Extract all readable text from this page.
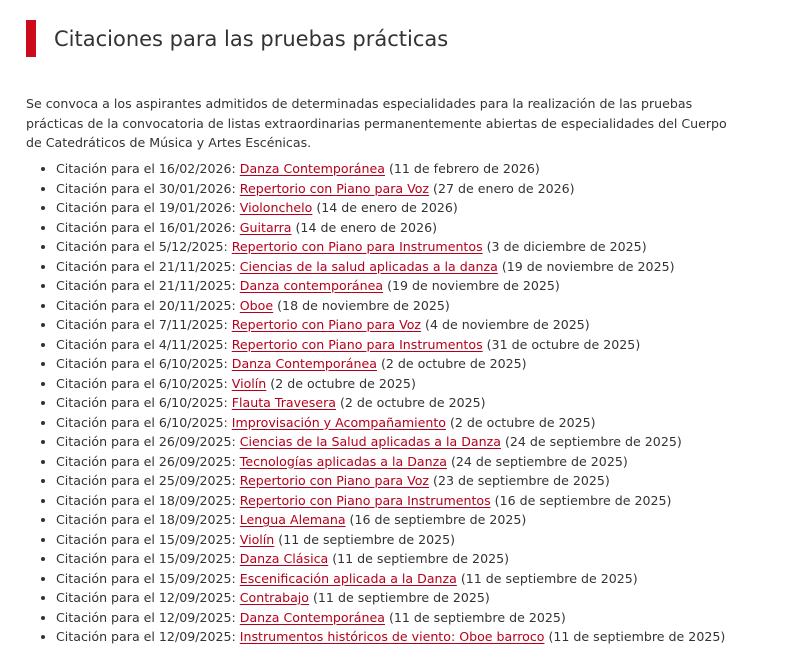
Citaciones para las pruebas prácticas

Se convoca a los aspirantes admitidos de determinadas especialidades para la realización de las pruebas prácticas de la convocatoria de listas extraordinarias permanentemente abiertas de especialidades del Cuerpo de Catedráticos de Música y Artes Escénicas.

Citación para el 16/02/2026: Danza Contemporánea (11 de febrero de 2026)
Citación para el 30/01/2026: Repertorio con Piano para Voz (27 de enero de 2026)
Citación para el 19/01/2026: Violonchelo (14 de enero de 2026)
Citación para el 16/01/2026: Guitarra (14 de enero de 2026)
Citación para el 5/12/2025: Repertorio con Piano para Instrumentos (3 de diciembre de 2025)
Citación para el 21/11/2025: Ciencias de la salud aplicadas a la danza (19 de noviembre de 2025)
Citación para el 21/11/2025: Danza contemporánea (19 de noviembre de 2025)
Citación para el 20/11/2025: Oboe (18 de noviembre de 2025)
Citación para el 7/11/2025: Repertorio con Piano para Voz (4 de noviembre de 2025)
Citación para el 4/11/2025: Repertorio con Piano para Instrumentos (31 de octubre de 2025)
Citación para el 6/10/2025: Danza Contemporánea (2 de octubre de 2025)
Citación para el 6/10/2025: Violín (2 de octubre de 2025)
Citación para el 6/10/2025: Flauta Travesera (2 de octubre de 2025)
Citación para el 6/10/2025: Improvisación y Acompañamiento (2 de octubre de 2025)
Citación para el 26/09/2025: Ciencias de la Salud aplicadas a la Danza (24 de septiembre de 2025)
Citación para el 26/09/2025: Tecnologías aplicadas a la Danza (24 de septiembre de 2025)
Citación para el 25/09/2025: Repertorio con Piano para Voz (23 de septiembre de 2025)
Citación para el 18/09/2025: Repertorio con Piano para Instrumentos (16 de septiembre de 2025)
Citación para el 18/09/2025: Lengua Alemana (16 de septiembre de 2025)
Citación para el 15/09/2025: Violín (11 de septiembre de 2025)
Citación para el 15/09/2025: Danza Clásica (11 de septiembre de 2025)
Citación para el 15/09/2025: Escenificación aplicada a la Danza (11 de septiembre de 2025)
Citación para el 12/09/2025: Contrabajo (11 de septiembre de 2025)
Citación para el 12/09/2025: Danza Contemporánea (11 de septiembre de 2025)
Citación para el 12/09/2025: Instrumentos históricos de viento: Oboe barroco (11 de septiembre de 2025)
